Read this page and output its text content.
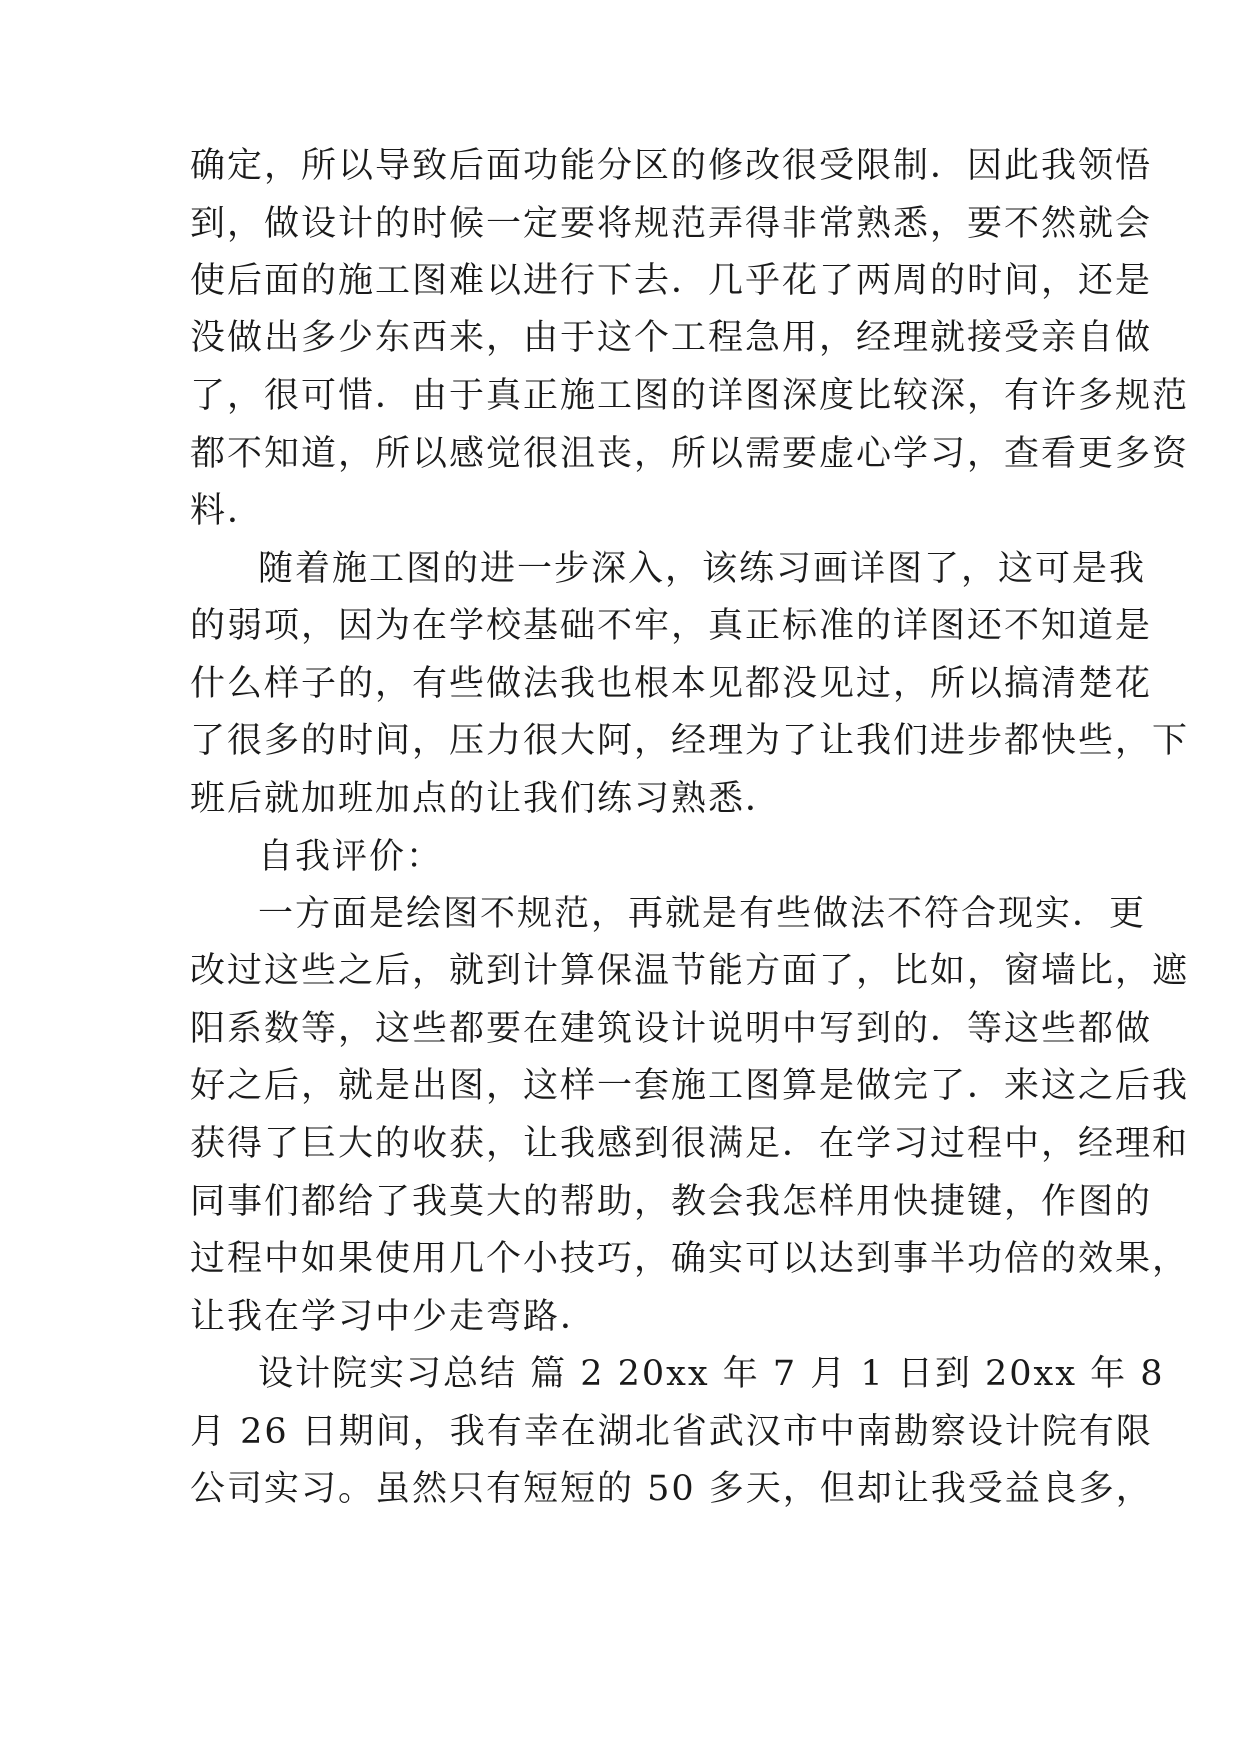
确定，所以导致后面功能分区的修改很受限制．因此我领悟
到，做设计的时候一定要将规范弄得非常熟悉，要不然就会
使后面的施工图难以进行下去．几乎花了两周的时间，还是
没做出多少东西来，由于这个工程急用，经理就接受亲自做
了，很可惜．由于真正施工图的详图深度比较深，有许多规范
都不知道，所以感觉很沮丧，所以需要虚心学习，查看更多资
料．
随着施工图的进一步深入，该练习画详图了，这可是我
的弱项，因为在学校基础不牢，真正标准的详图还不知道是
什么样子的，有些做法我也根本见都没见过，所以搞清楚花
了很多的时间，压力很大阿，经理为了让我们进步都快些，下
班后就加班加点的让我们练习熟悉．
自我评价：
一方面是绘图不规范，再就是有些做法不符合现实．更
改过这些之后，就到计算保温节能方面了，比如，窗墙比，遮
阳系数等，这些都要在建筑设计说明中写到的．等这些都做
好之后，就是出图，这样一套施工图算是做完了．来这之后我
获得了巨大的收获，让我感到很满足．在学习过程中，经理和
同事们都给了我莫大的帮助，教会我怎样用快捷键，作图的
过程中如果使用几个小技巧，确实可以达到事半功倍的效果，
让我在学习中少走弯路．
设计院实习总结 篇 2 20xx 年 7 月 1 日到 20xx 年 8
月 26 日期间，我有幸在湖北省武汉市中南勘察设计院有限
公司实习。虽然只有短短的 50 多天，但却让我受益良多，
